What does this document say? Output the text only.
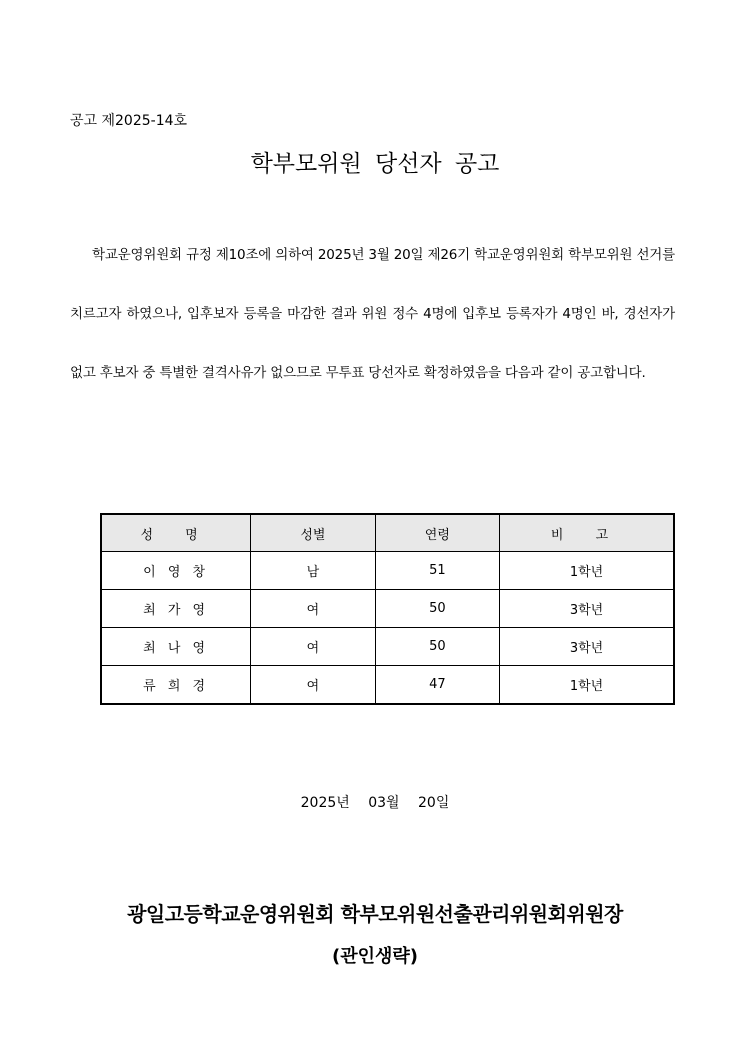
공고 제2025-14호
학부모위원 당선자 공고

학교운영위원회 규정 제10조에 의하여 2025년 3월 20일 제26기 학교운영위원회 학부모위원 선거를 치르고자 하였으나, 입후보자 등록을 마감한 결과 위원 정수 4명에 입후보 등록자가 4명인 바, 경선자가 없고 후보자 중 특별한 결격사유가 없으므로 무투표 당선자로 확정하였음을 다음과 같이 공고합니다.

성 명	성별	연령	비 고
이 영 창	남	51	1학년
최 가 영	여	50	3학년
최 나 영	여	50	3학년
류 희 경	여	47	1학년
2025년 03월 20일
광일고등학교운영위원회 학부모위원선출관리위원회위원장
(관인생략)
